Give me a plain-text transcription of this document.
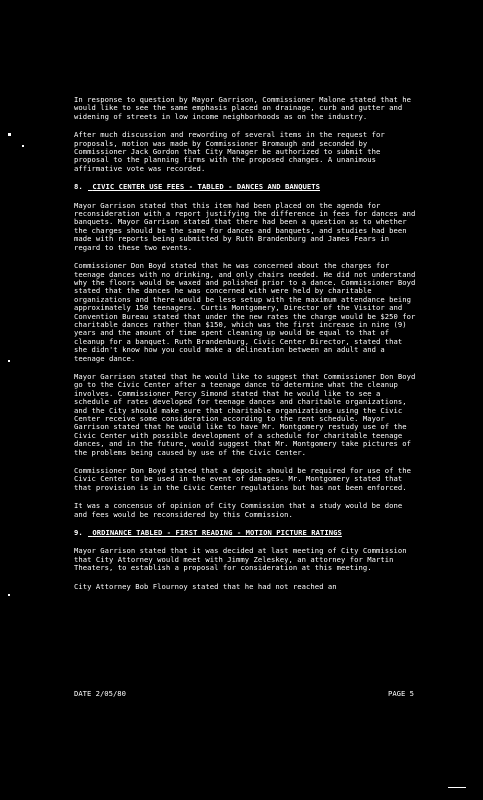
In response to question by Mayor Garrison, Commissioner Malone stated that he would like to see the same emphasis placed on drainage, curb and gutter and widening of streets in low income neighborhoods as on the industry.

After much discussion and rewording of several items in the request for proposals, motion was made by Commissioner Bromaugh and seconded by Commissioner Jack Gordon that City Manager be authorized to submit the proposal to the planning firms with the proposed changes. A unanimous affirmative vote was recorded.

8. CIVIC CENTER USE FEES - TABLED - DANCES AND BANQUETS

Mayor Garrison stated that this item had been placed on the agenda for reconsideration with a report justifying the difference in fees for dances and banquets. Mayor Garrison stated that there had been a question as to whether the charges should be the same for dances and banquets, and studies had been made with reports being submitted by Ruth Brandenburg and James Fears in regard to these two events.

Commissioner Don Boyd stated that he was concerned about the charges for teenage dances with no drinking, and only chairs needed. He did not understand why the floors would be waxed and polished prior to a dance. Commissioner Boyd stated that the dances he was concerned with were held by charitable organizations and there would be less setup with the maximum attendance being approximately 150 teenagers. Curtis Montgomery, Director of the Visitor and Convention Bureau stated that under the new rates the charge would be $250 for charitable dances rather than $150, which was the first increase in nine (9) years and the amount of time spent cleaning up would be equal to that of cleanup for a banquet. Ruth Brandenburg, Civic Center Director, stated that she didn't know how you could make a delineation between an adult and a teenage dance.

Mayor Garrison stated that he would like to suggest that Commissioner Don Boyd go to the Civic Center after a teenage dance to determine what the cleanup involves. Commissioner Percy Simond stated that he would like to see a schedule of rates developed for teenage dances and charitable organizations, and the City should make sure that charitable organizations using the Civic Center receive some consideration according to the rent schedule. Mayor Garrison stated that he would like to have Mr. Montgomery restudy use of the Civic Center with possible development of a schedule for charitable teenage dances, and in the future, would suggest that Mr. Montgomery take pictures of the problems being caused by use of the Civic Center.

Commissioner Don Boyd stated that a deposit should be required for use of the Civic Center to be used in the event of damages. Mr. Montgomery stated that that provision is in the Civic Center regulations but has not been enforced.

It was a concensus of opinion of City Commission that a study would be done and fees would be reconsidered by this Commission.

9. ORDINANCE TABLED - FIRST READING - MOTION PICTURE RATINGS

Mayor Garrison stated that it was decided at last meeting of City Commission that City Attorney would meet with Jimmy Zeleskey, an attorney for Martin Theaters, to establish a proposal for consideration at this meeting.

City Attorney Bob Flournoy stated that he had not reached an

DATE 2/05/80	PAGE 5
